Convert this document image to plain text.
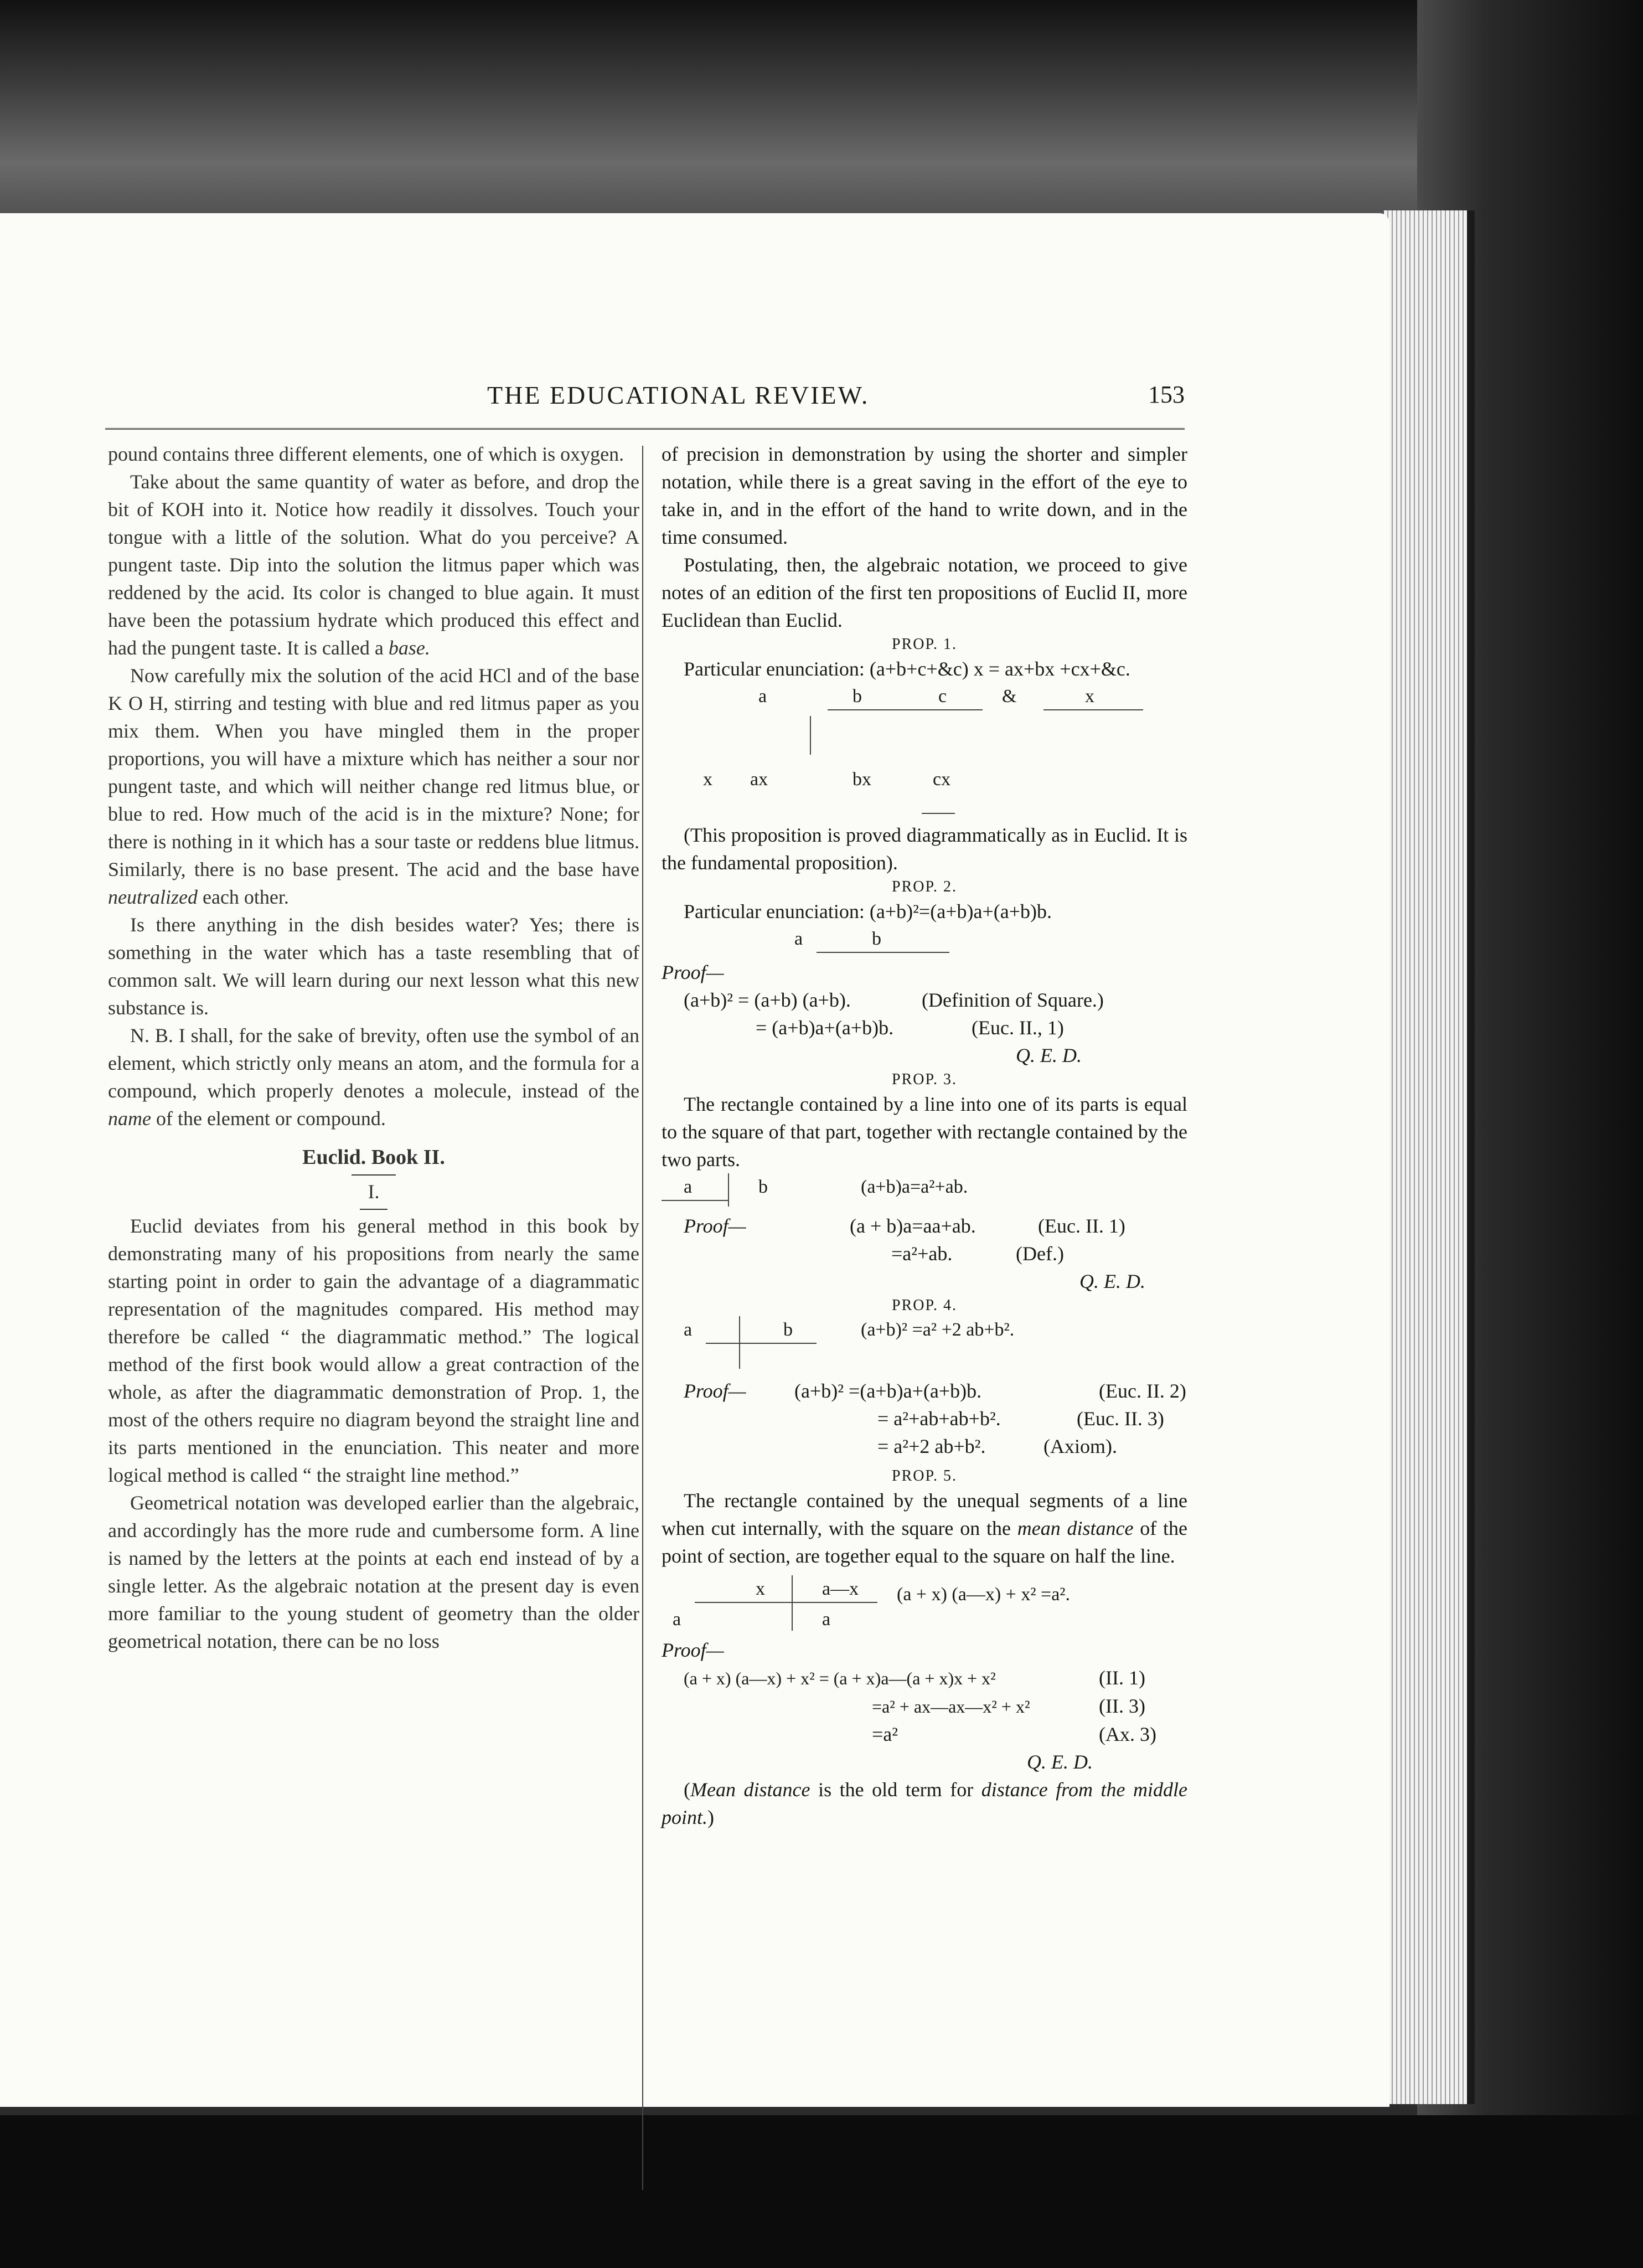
THE EDUCATIONAL REVIEW.	153

pound contains three different elements, one of which is oxygen.

Take about the same quantity of water as before, and drop the bit of KOH into it. Notice how readily it dissolves. Touch your tongue with a little of the solution. What do you perceive? A pungent taste. Dip into the solution the litmus paper which was reddened by the acid. Its color is changed to blue again. It must have been the potassium hydrate which produced this effect and had the pungent taste. It is called a base.

Now carefully mix the solution of the acid HCl and of the base K O H, stirring and testing with blue and red litmus paper as you mix them. When you have mingled them in the proper proportions, you will have a mixture which has neither a sour nor pungent taste, and which will neither change red litmus blue, or blue to red. How much of the acid is in the mixture? None; for there is nothing in it which has a sour taste or reddens blue litmus. Similarly, there is no base present. The acid and the base have neutralized each other.

Is there anything in the dish besides water? Yes; there is something in the water which has a taste resembling that of common salt. We will learn during our next lesson what this new substance is.

N. B. I shall, for the sake of brevity, often use the symbol of an element, which strictly only means an atom, and the formula for a compound, which properly denotes a molecule, instead of the name of the element or compound.

Euclid. Book II.

I.

Euclid deviates from his general method in this book by demonstrating many of his propositions from nearly the same starting point in order to gain the advantage of a diagrammatic representation of the magnitudes compared. His method may therefore be called “ the diagrammatic method.” The logical method of the first book would allow a great contraction of the whole, as after the diagrammatic demonstration of Prop. 1, the most of the others require no diagram beyond the straight line and its parts mentioned in the enunciation. This neater and more logical method is called “ the straight line method.”

Geometrical notation was developed earlier than the algebraic, and accordingly has the more rude and cumbersome form. A line is named by the letters at the points at each end instead of by a single letter. As the algebraic notation at the present day is even more familiar to the young student of geometry than the older geometrical notation, there can be no loss

of precision in demonstration by using the shorter and simpler notation, while there is a great saving in the effort of the eye to take in, and in the effort of the hand to write down, and in the time consumed.

Postulating, then, the algebraic notation, we proceed to give notes of an edition of the first ten propositions of Euclid II, more Euclidean than Euclid.

PROP. 1.

Particular enunciation: (a+b+c+&c) x = ax+bx +cx+&c.

a	b	c	&	x
x ax	bx	cx

(This proposition is proved diagrammatically as in Euclid. It is the fundamental proposition).

PROP. 2.

Particular enunciation: (a+b)²=(a+b)a+(a+b)b.

a	b

Proof—

(a+b)² = (a+b) (a+b).	(Definition of Square.)
= (a+b)a+(a+b)b.	(Euc. II., 1)
Q. E. D.

PROP. 3.

The rectangle contained by a line into one of its parts is equal to the square of that part, together with rectangle contained by the two parts.

a	b	(a+b)a=a²+ab.
Proof—	(a + b)a=aa+ab.	(Euc. II. 1)
=a²+ab.	(Def.)
Q. E. D.

PROP. 4.

a	b	(a+b)² =a² +2 ab+b².
Proof— (a+b)² =(a+b)a+(a+b)b.	(Euc. II. 2)
= a²+ab+ab+b².	(Euc. II. 3)
= a²+2 ab+b².	(Axiom).

PROP. 5.

The rectangle contained by the unequal segments of a line when cut internally, with the square on the mean distance of the point of section, are together equal to the square on half the line.

x	a—x
a	a
(a + x) (a—x) + x² =a².

Proof—

(a + x) (a—x) + x² = (a + x)a—(a + x)x + x²	(II. 1)
=a² + ax—ax—x² + x²	(II. 3)
=a²	(Ax. 3)
Q. E. D.

(Mean distance is the old term for distance from the middle point.)
